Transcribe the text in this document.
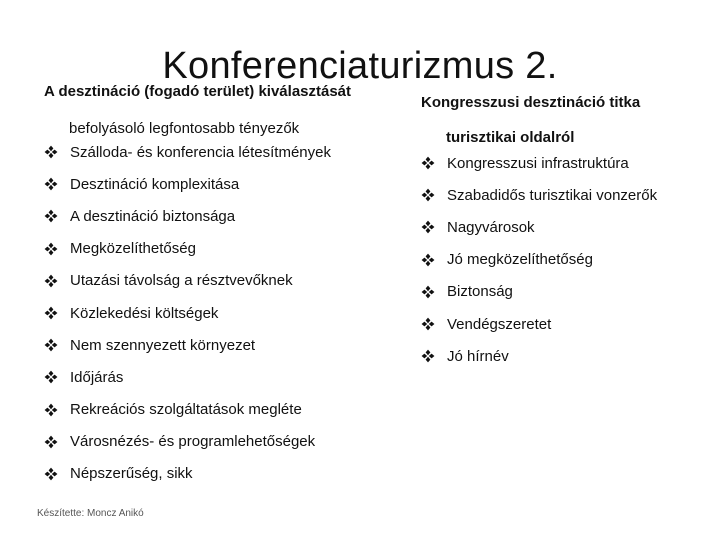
Konferenciaturizmus 2.
A desztináció (fogadó terület) kiválasztását
befolyásoló legfontosabb tényezők
Szálloda- és konferencia létesítmények
Desztináció komplexitása
A desztináció biztonsága
Megközelíthetőség
Utazási távolság a résztvevőknek
Közlekedési költségek
Nem szennyezett környezet
Időjárás
Rekreációs szolgáltatások megléte
Városnézés- és programlehetőségek
Népszerűség, sikk
Kongresszusi desztináció titka
turisztikai oldalról
Kongresszusi infrastruktúra
Szabadidős turisztikai vonzerők
Nagyvárosok
Jó megközelíthetőség
Biztonság
Vendégszeretet
Jó hírnév
Készítette: Moncz Anikó
